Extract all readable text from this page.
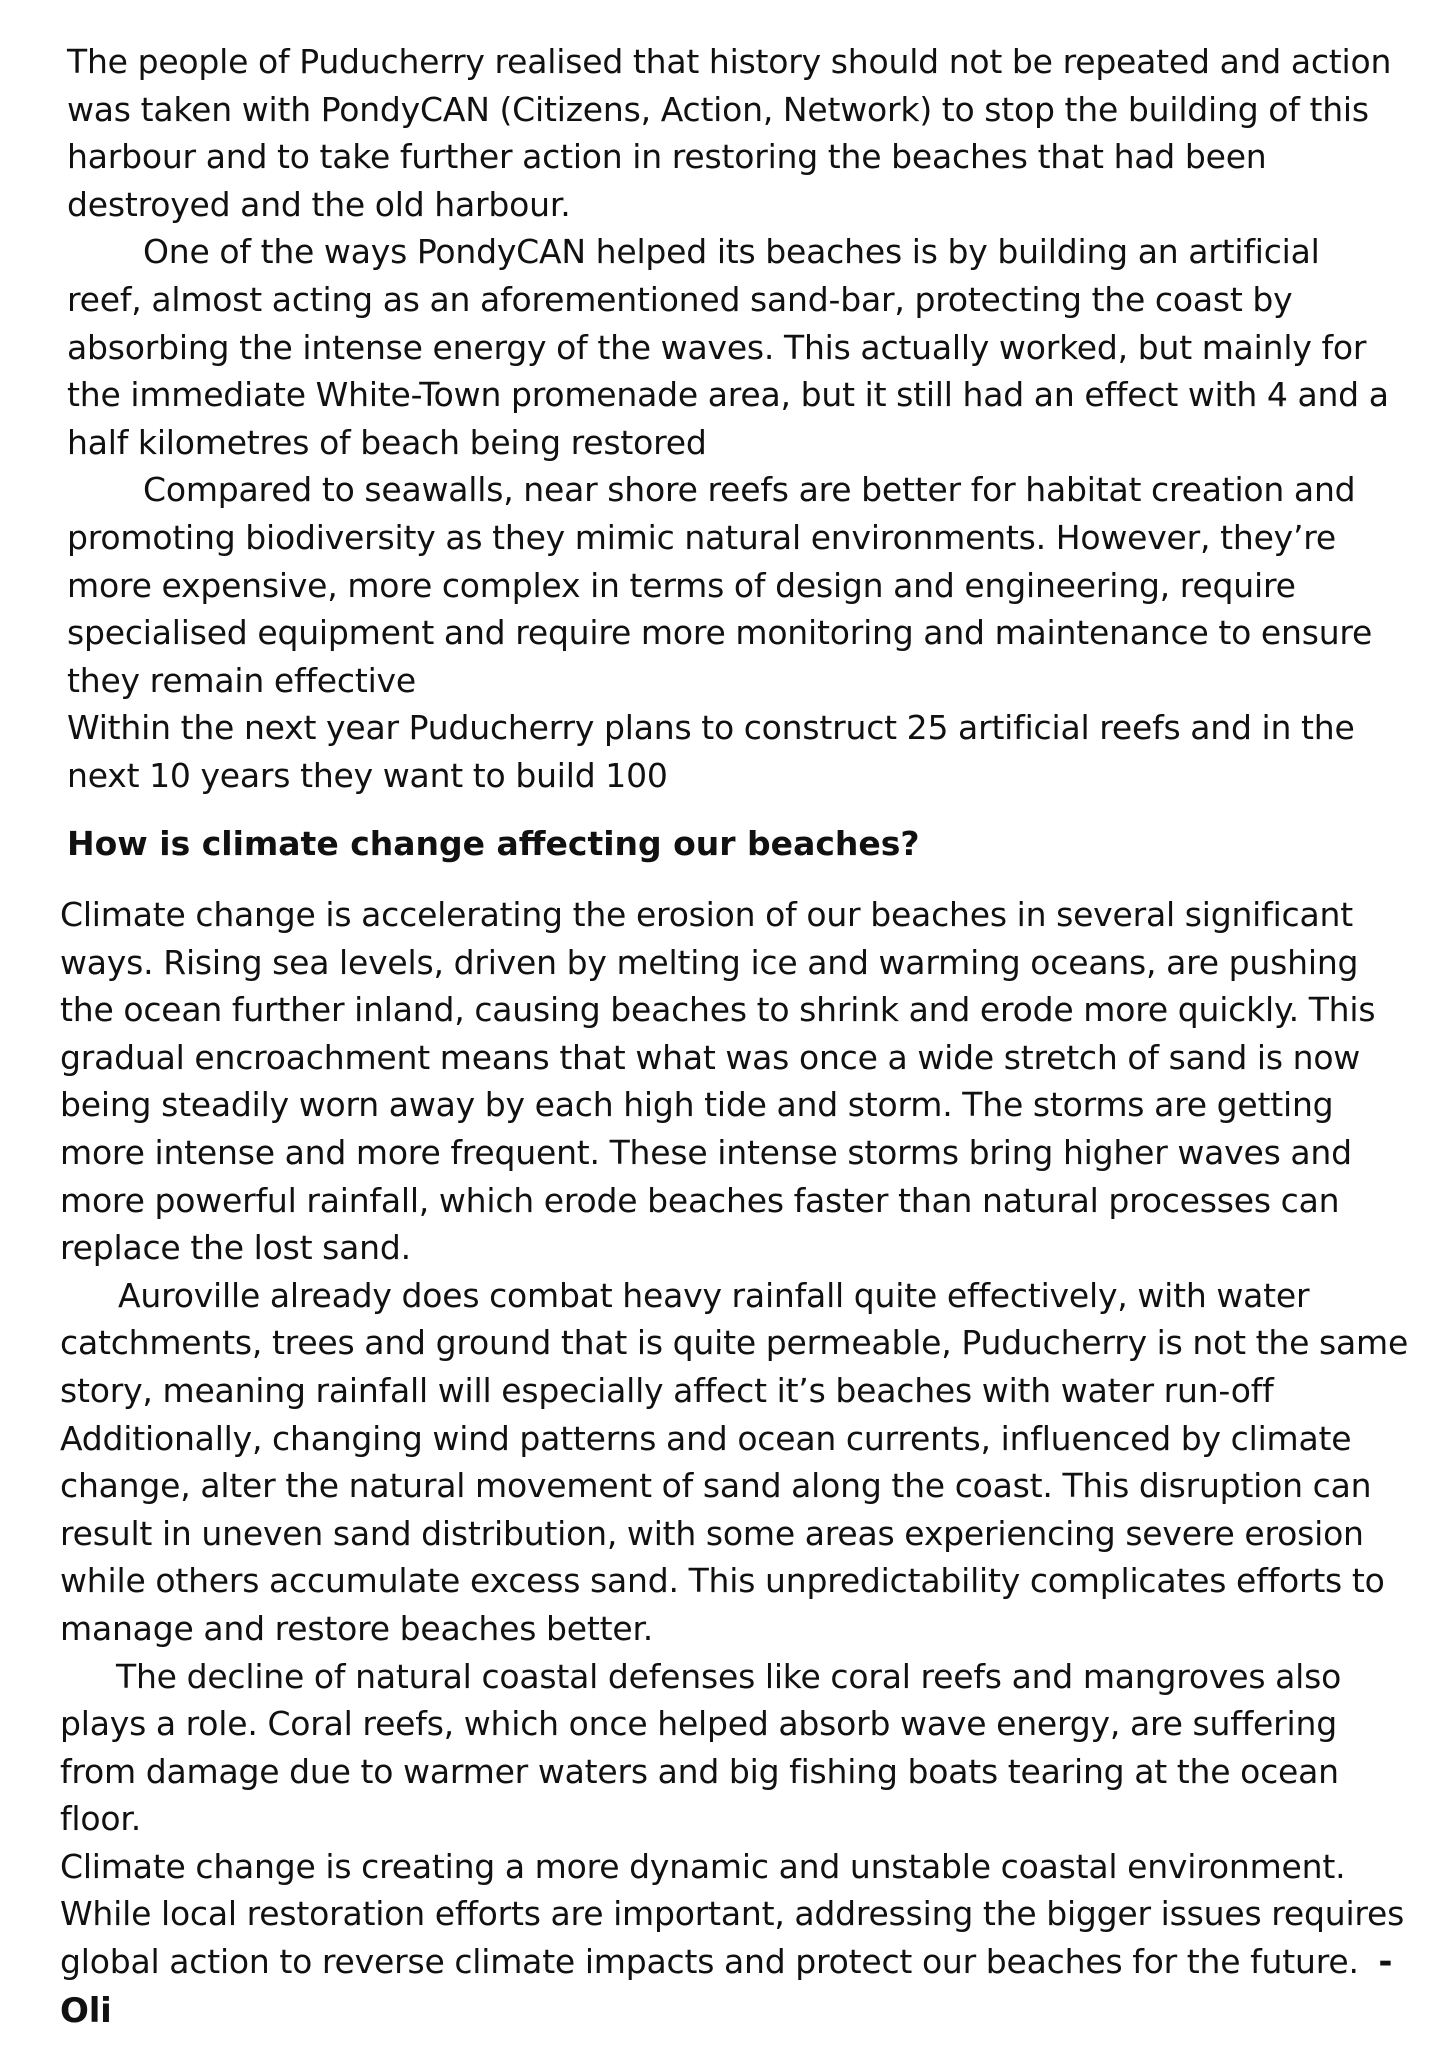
The people of Puducherry realised that history should not be repeated and action was taken with PondyCAN (Citizens, Action, Network) to stop the building of this harbour and to take further action in restoring the beaches that had been destroyed and the old harbour.

One of the ways PondyCAN helped its beaches is by building an artificial reef, almost acting as an aforementioned sand-bar, protecting the coast by absorbing the intense energy of the waves. This actually worked, but mainly for the immediate White-Town promenade area, but it still had an effect with 4 and a half kilometres of beach being restored

Compared to seawalls, near shore reefs are better for habitat creation and promoting biodiversity as they mimic natural environments. However, they’re more expensive, more complex in terms of design and engineering, require specialised equipment and require more monitoring and maintenance to ensure they remain effective

Within the next year Puducherry plans to construct 25 artificial reefs and in the next 10 years they want to build 100

How is climate change affecting our beaches?

Climate change is accelerating the erosion of our beaches in several significant ways. Rising sea levels, driven by melting ice and warming oceans, are pushing the ocean further inland, causing beaches to shrink and erode more quickly. This gradual encroachment means that what was once a wide stretch of sand is now being steadily worn away by each high tide and storm. The storms are getting more intense and more frequent. These intense storms bring higher waves and more powerful rainfall, which erode beaches faster than natural processes can replace the lost sand.

Auroville already does combat heavy rainfall quite effectively, with water catchments, trees and ground that is quite permeable, Puducherry is not the same story, meaning rainfall will especially affect it’s beaches with water run-off

Additionally, changing wind patterns and ocean currents, influenced by climate change, alter the natural movement of sand along the coast. This disruption can result in uneven sand distribution, with some areas experiencing severe erosion while others accumulate excess sand. This unpredictability complicates efforts to manage and restore beaches better.

The decline of natural coastal defenses like coral reefs and mangroves also plays a role. Coral reefs, which once helped absorb wave energy, are suffering from damage due to warmer waters and big fishing boats tearing at the ocean floor.

Climate change is creating a more dynamic and unstable coastal environment. While local restoration efforts are important, addressing the bigger issues requires global action to reverse climate impacts and protect our beaches for the future. -Oli
